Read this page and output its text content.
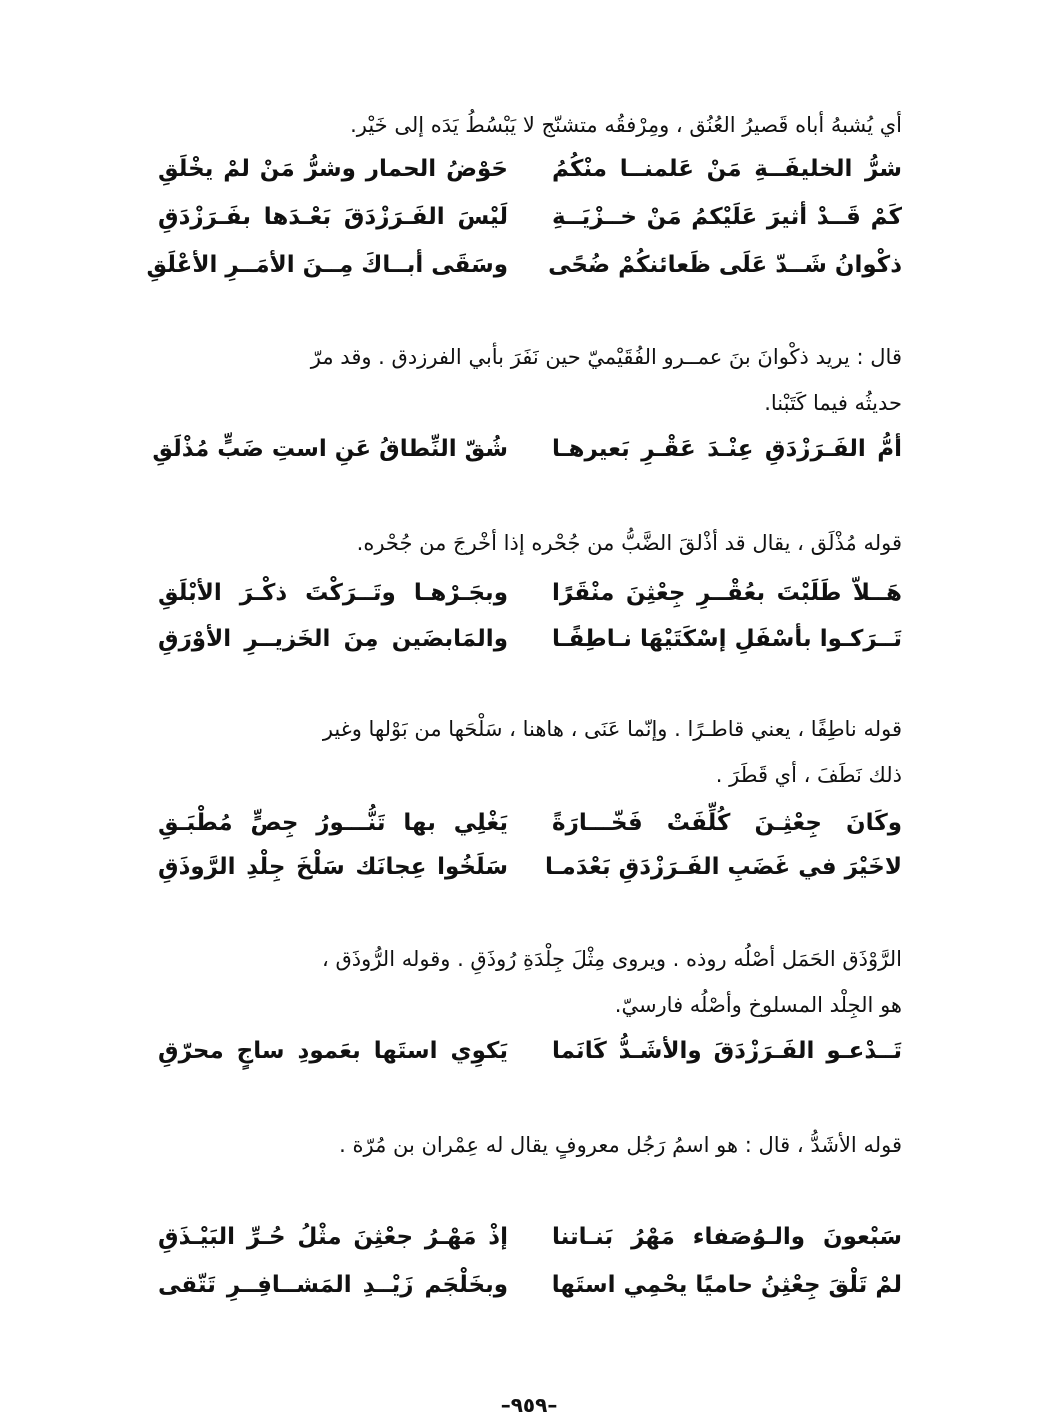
أي يُشبهُ أباه قَصيرُ العُنُق ، ومِرْفقُه متشنّج لا يَبْسُطُ يَدَه إلى خَيْر.

شرُّ الخليفَــةِ مَنْ عَلمنــا منْكُمُ
حَوْضُ الحمار وشرُّ مَنْ لمْ يخْلَقِ
كَمْ قَــدْ أثيرَ عَلَيْكمُ مَنْ خــزْيَــةِ
لَيْسَ الفَـرَزْدَقَ بَعْـدَها بفَـرَزْدَقِ
ذكْوانُ شَــدّ عَلَى ظَعائنكُمْ ضُحًى
وسَقَى أبــاكَ مِــنَ الأمَــرِ الأعْلَقِ

قال : يريد ذكْوانَ بنَ عمــرو الفُقَيْميّ حين نَفَرَ بأبي الفرزدق . وقد مرّ

حديثُه فيما كَتَبْنا.

أمُّ الفَـرَزْدَقِ عِنْـدَ عَقْـرِ بَعيرهـا
شُقّ النِّطاقُ عَنِ استِ ضَبٍّ مُذْلَقِ

قوله مُذْلَق ، يقال قد أذْلقَ الضَّبُّ من جُحْره إذا أخْرجَ من جُحْره.

هَــلاّ طَلَبْتَ بعُقْــرِ جِعْثِنَ منْقَرًا
وبجَـرْهـا وتَــرَكْتَ ذكْـرَ الأبْلَقِ
تَــرَكـوا بأسْفَلِ إسْكَتَيْهَا نـاطِفًـا
والمَابضَين مِنَ الخَزيــرِ الأوْرَقِ

قوله ناطِفًا ، يعني قاطـرًا . وإنّما عَنَى ، هاهنا ، سَلْحَها من بَوْلها وغير

ذلك نَطَفَ ، أي قَطَرَ .

وكَانَ جِعْثِـنَ كُلِّفَتْ فَخّـــارَةً
يَغْلِي بها تَنُّـــورُ جِصٍّ مُطْبَـقِ
لاخَيْرَ في غَضَبِ الفَـرَزْدَقِ بَعْدَمـا
سَلَخُوا عِجانَك سَلْخَ جِلْدِ الرَّوذَقِ

الرَّوْذَق الحَمَل أصْلُه روذه . ويروى مِثْلَ جِلْدَةِ رُوذَقِ . وقوله الرُّوذَق ،

هو الجِلْد المسلوخ وأصْلُه فارسيّ.

تَــدْعـو الفَـرَزْدَقَ والأشَـدُّ كَانَما
يَكوِي استَها بعَمودِ ساجٍ محرّقِ

قوله الأشَدُّ ، قال : هو اسمُ رَجُل معروفٍ يقال له عِمْران بن مُرّة .

سَبْعونَ والـوُصَفاء مَهْرُ بَنـاتنا
إذْ مَهْـرُ جعْثِنَ مثْلُ حُـرِّ البَيْـذَقِ
لمْ تَلْقَ جِعْثِنُ حاميًا يحْمِي استَها
وبخَلْجَم زَيْــدِ المَشــافِــرِ تَتّقى
–٩٥٩–
